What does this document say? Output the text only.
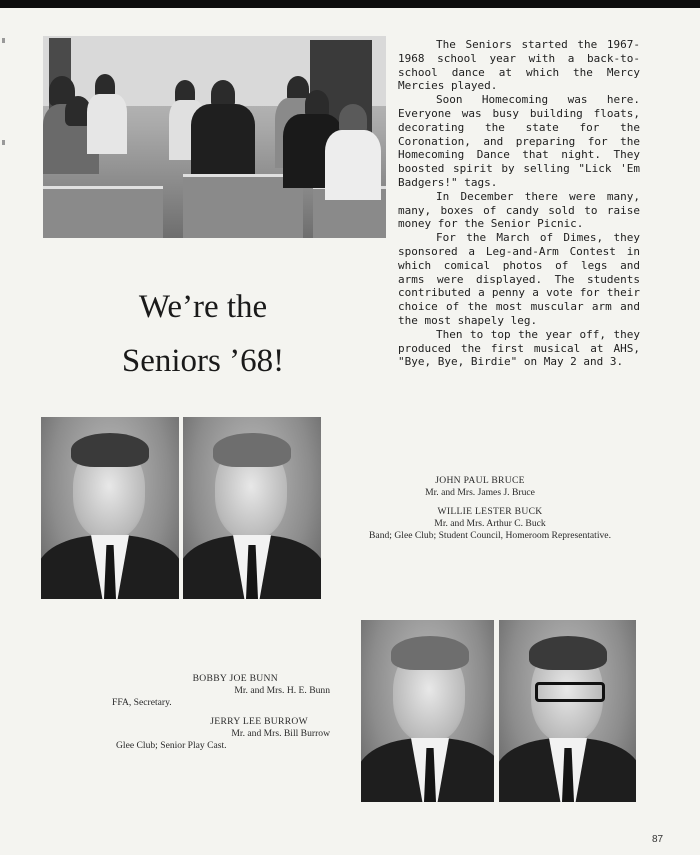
We’re the
Seniors ’68!

The Seniors started the 1967-1968 school year with a back-to-school dance at which the Mercy Mercies played.

Soon Homecoming was here. Everyone was busy building floats, decorating the state for the Coronation, and preparing for the Homecoming Dance that night. They boosted spirit by selling "Lick 'Em Badgers!" tags.

In December there were many, many, boxes of candy sold to raise money for the Senior Picnic.

For the March of Dimes, they sponsored a Leg-and-Arm Contest in which comical photos of legs and arms were displayed. The students contributed a penny a vote for their choice of the most muscular arm and the most shapely leg.

Then to top the year off, they produced the first musical at AHS, "Bye, Bye, Birdie" on May 2 and 3.

JOHN PAUL BRUCE
Mr. and Mrs. James J. Bruce
WILLIE LESTER BUCK
Mr. and Mrs. Arthur C. Buck
Band; Glee Club; Student Council, Homeroom Representative.
BOBBY JOE BUNN
Mr. and Mrs. H. E. Bunn
FFA, Secretary.
JERRY LEE BURROW
Mr. and Mrs. Bill Burrow
Glee Club; Senior Play Cast.
87
